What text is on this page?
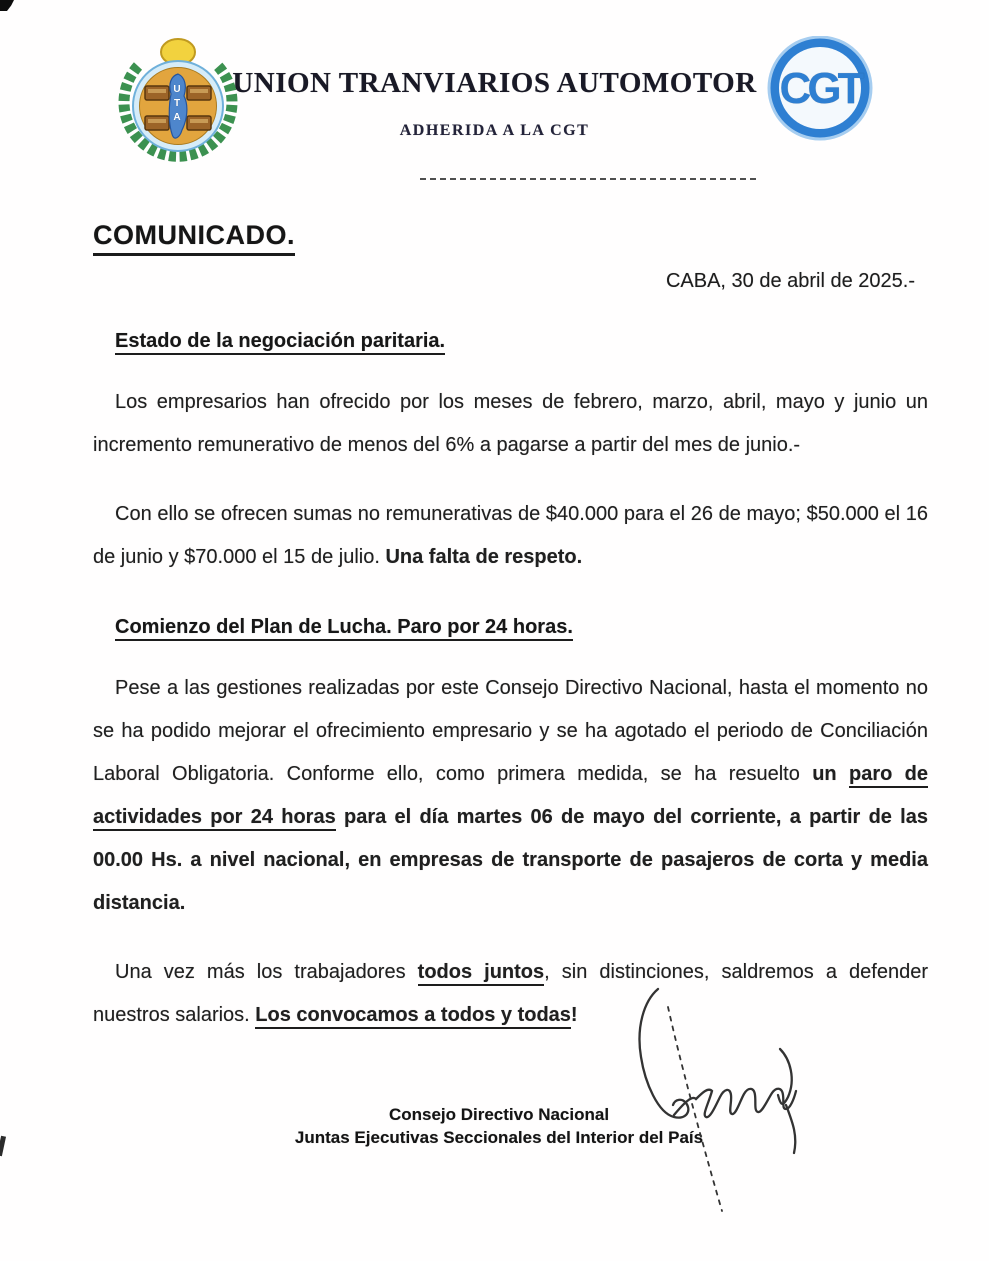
U
T
A
UNION TRANVIARIOS AUTOMOTOR
ADHERIDA A LA CGT
CGT
COMUNICADO.
CABA, 30 de abril de 2025.-

Estado de la negociación paritaria.

Los empresarios han ofrecido por los meses de febrero, marzo, abril, mayo y junio un incremento remunerativo de menos del 6% a pagarse a partir del mes de junio.-

Con ello se ofrecen sumas no remunerativas de $40.000 para el 26 de mayo; $50.000 el 16 de junio y $70.000 el 15 de julio. Una falta de respeto.

Comienzo del Plan de Lucha. Paro por 24 horas.

Pese a las gestiones realizadas por este Consejo Directivo Nacional, hasta el momento no se ha podido mejorar el ofrecimiento empresario y se ha agotado el periodo de Conciliación Laboral Obligatoria. Conforme ello, como primera medida, se ha resuelto un paro de actividades por 24 horas para el día martes 06 de mayo del corriente, a partir de las 00.00 Hs. a nivel nacional, en empresas de transporte de pasajeros de corta y media distancia.

Una vez más los trabajadores todos juntos, sin distinciones, saldremos a defender nuestros salarios. Los convocamos a todos y todas!

Consejo Directivo Nacional
Juntas Ejecutivas Seccionales del Interior del País
